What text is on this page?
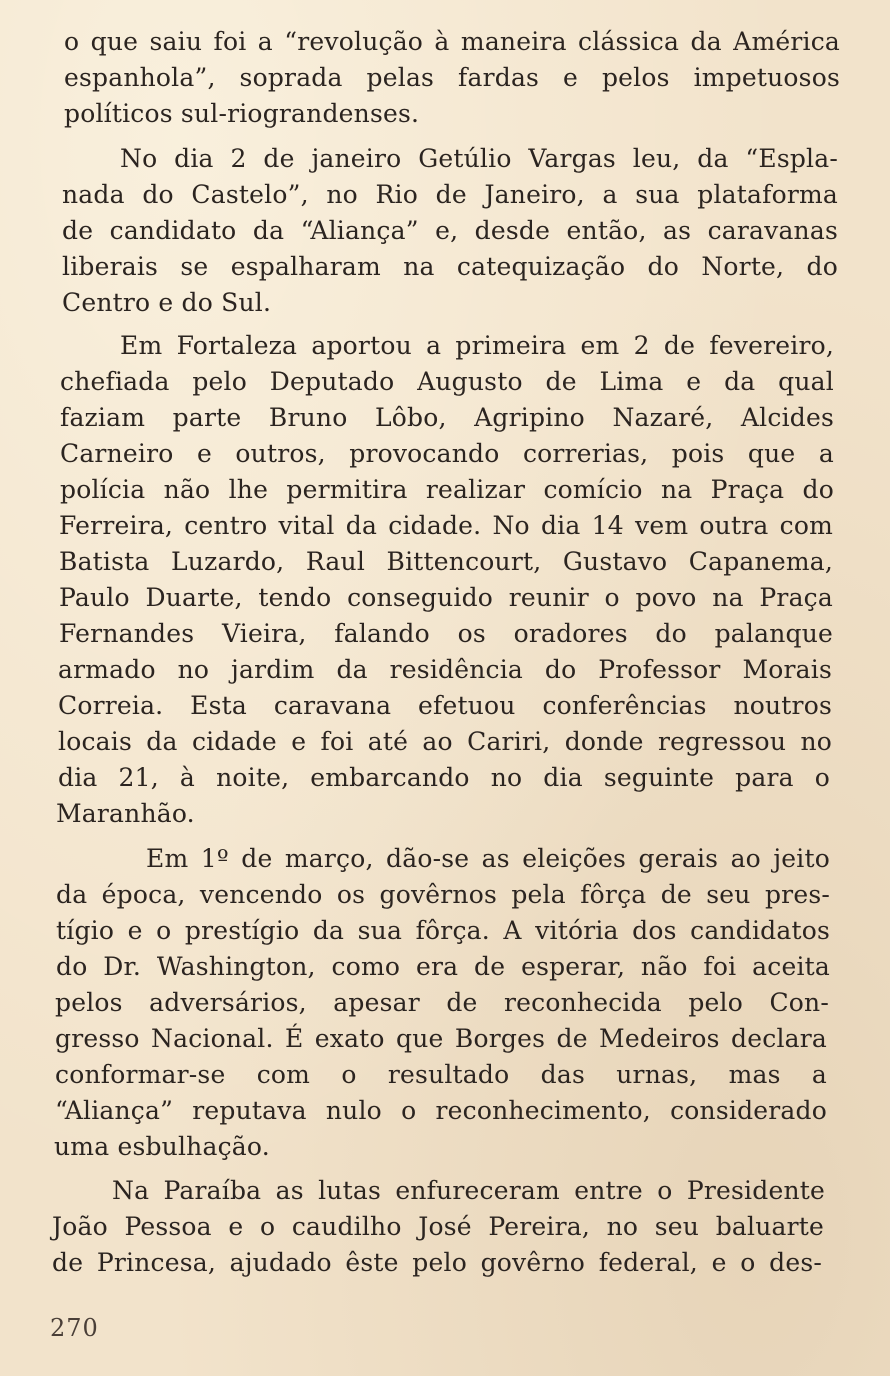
o que saiu foi a “revolução à maneira clássica da América
espanhola”, soprada pelas fardas e pelos impetuosos
políticos sul-riograndenses.
No dia 2 de janeiro Getúlio Vargas leu, da “Espla-
nada do Castelo”, no Rio de Janeiro, a sua plataforma
de candidato da “Aliança” e, desde então, as caravanas
liberais se espalharam na catequização do Norte, do
Centro e do Sul.
Em Fortaleza aportou a primeira em 2 de fevereiro,
chefiada pelo Deputado Augusto de Lima e da qual
faziam parte Bruno Lôbo, Agripino Nazaré, Alcides
Carneiro e outros, provocando correrias, pois que a
polícia não lhe permitira realizar comício na Praça do
Ferreira, centro vital da cidade. No dia 14 vem outra com
Batista Luzardo, Raul Bittencourt, Gustavo Capanema,
Paulo Duarte, tendo conseguido reunir o povo na Praça
Fernandes Vieira, falando os oradores do palanque
armado no jardim da residência do Professor Morais
Correia. Esta caravana efetuou conferências noutros
locais da cidade e foi até ao Cariri, donde regressou no
dia 21, à noite, embarcando no dia seguinte para o
Maranhão.
Em 1º de março, dão-se as eleições gerais ao jeito
da época, vencendo os govêrnos pela fôrça de seu pres-
tígio e o prestígio da sua fôrça. A vitória dos candidatos
do Dr. Washington, como era de esperar, não foi aceita
pelos adversários, apesar de reconhecida pelo Con-
gresso Nacional. É exato que Borges de Medeiros declara
conformar-se com o resultado das urnas, mas a
“Aliança” reputava nulo o reconhecimento, considerado
uma esbulhação.
Na Paraíba as lutas enfureceram entre o Presidente
João Pessoa e o caudilho José Pereira, no seu baluarte
de Princesa, ajudado êste pelo govêrno federal, e o des-
270
